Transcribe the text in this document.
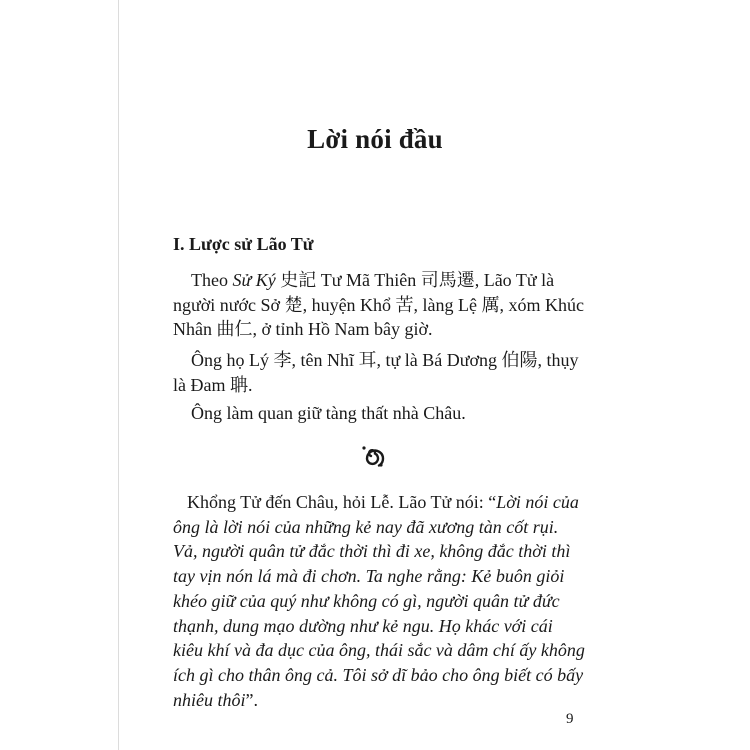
Lời nói đầu
I. Lược sử Lão Tử

Theo Sử Ký 史記 Tư Mã Thiên 司馬遷, Lão Tử là người nước Sở 楚, huyện Khổ 苦, làng Lệ 厲, xóm Khúc Nhân 曲仁, ở tỉnh Hồ Nam bây giờ.

Ông họ Lý 李, tên Nhĩ 耳, tự là Bá Dương 伯陽, thụy là Đam 聃.

Ông làm quan giữ tàng thất nhà Châu.

Khổng Tử đến Châu, hỏi Lễ. Lão Tử nói: “Lời nói của ông là lời nói của những kẻ nay đã xương tàn cốt rụi. Vả, người quân tử đắc thời thì đi xe, không đắc thời thì tay vịn nón lá mà đi chơn. Ta nghe rằng: Kẻ buôn giỏi khéo giữ của quý như không có gì, người quân tử đức thạnh, dung mạo dường như kẻ ngu. Họ khác với cái kiêu khí và đa dục của ông, thái sắc và dâm chí ấy không ích gì cho thân ông cả. Tôi sở dĩ bảo cho ông biết có bấy nhiêu thôi”.

9
